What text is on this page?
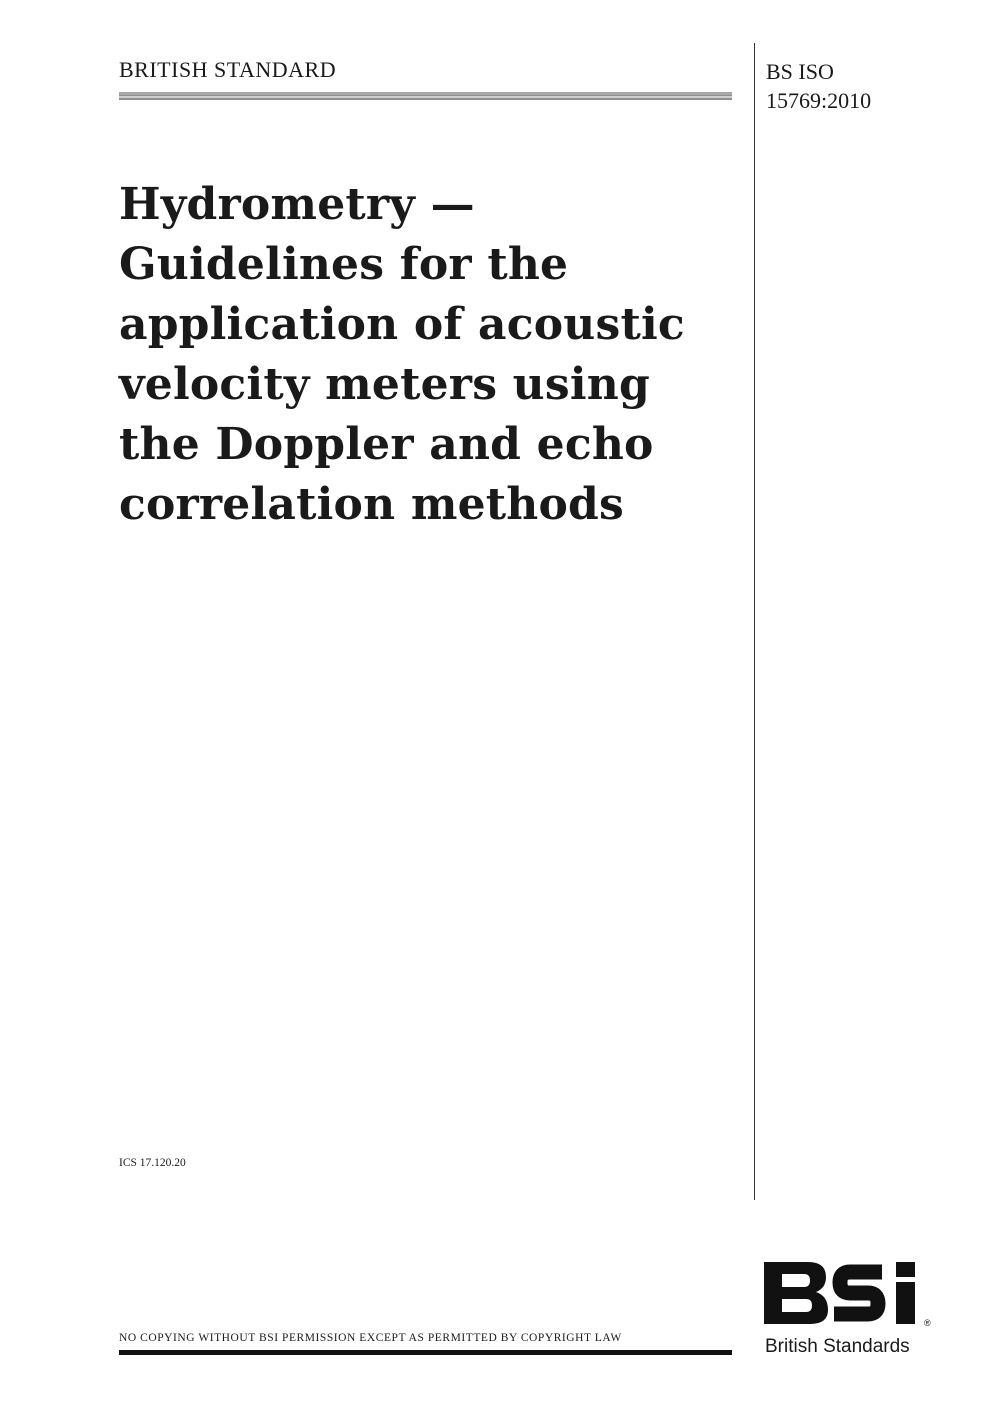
BRITISH STANDARD	BS ISO
15769:2010

Hydrometry —
Guidelines for the
application of acoustic
velocity meters using
the Doppler and echo
correlation methods

ICS 17.120.20

NO COPYING WITHOUT BSI PERMISSION EXCEPT AS PERMITTED BY COPYRIGHT LAW

®

British Standards
